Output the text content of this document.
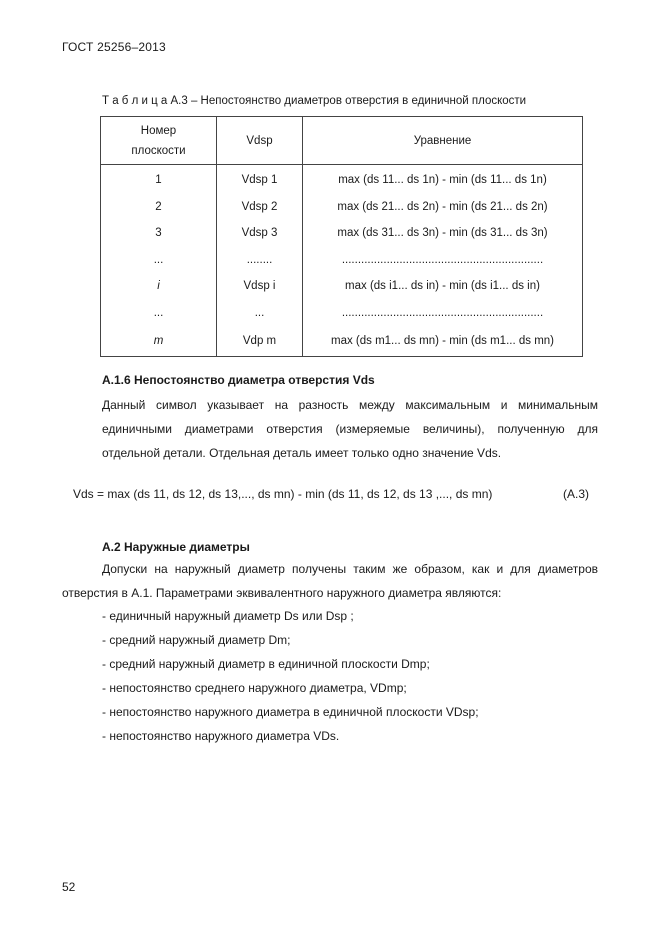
ГОСТ 25256–2013
Т а б л и ц а А.3 – Непостоянство диаметров отверстия в единичной плоскости
Номер
плоскости	Vdsp	Уравнение
1	Vdsp 1	max (ds 11... ds 1n) - min (ds 11... ds 1n)
2	Vdsp 2	max (ds 21... ds 2n) - min (ds 21... ds 2n)
3	Vdsp 3	max (ds 31... ds 3n) - min (ds 31... ds 3n)
...	........	...............................................................
i	Vdsp i	max (ds i1... ds in) - min (ds i1... ds in)
...	...	...............................................................
m	Vdp m	max (ds m1... ds mn) - min (ds m1... ds mn)
А.1.6 Непостоянство диаметра отверстия Vds
Данный символ указывает на разность между максимальным и минимальным единичными диаметрами отверстия (измеряемые величины), полученную для отдельной детали. Отдельная деталь имеет только одно значение Vds.
Vds = max (ds 11, ds 12, ds 13,..., ds mn) - min (ds 11, ds 12, ds 13 ,..., ds mn)	(А.3)
А.2 Наружные диаметры
Допуски на наружный диаметр получены таким же образом, как и для диаметров отверстия в А.1. Параметрами эквивалентного наружного диаметра являются:
- единичный наружный диаметр Ds или Dsp ;
- средний наружный диаметр Dm;
- средний наружный диаметр в единичной плоскости Dmp;
- непостоянство среднего наружного диаметра, VDmp;
- непостоянство наружного диаметра в единичной плоскости VDsp;
- непостоянство наружного диаметра VDs.
52
